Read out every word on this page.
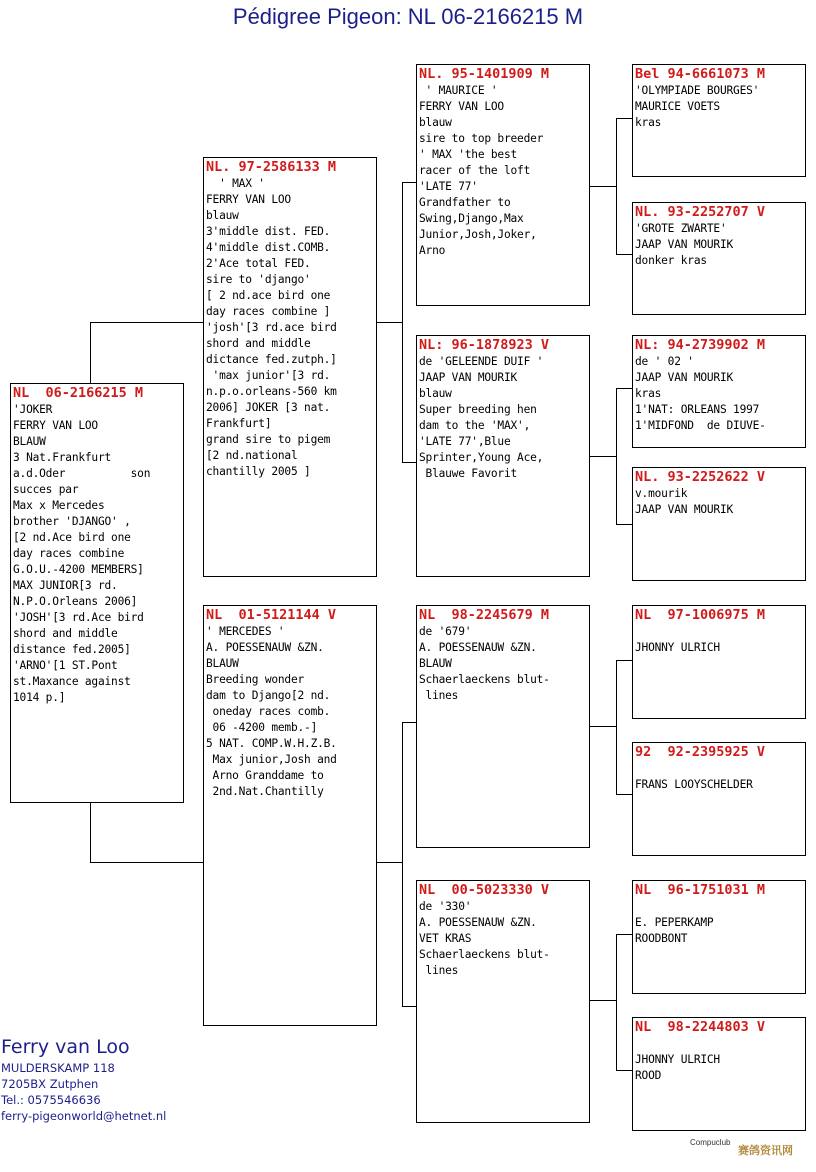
Pédigree Pigeon: NL 06-2166215 M
NL  06-2166215 M
'JOKER
FERRY VAN LOO
BLAUW
3 Nat.Frankfurt
a.d.Oder          son
succes par
Max x Mercedes
brother 'DJANGO' ,
[2 nd.Ace bird one
day races combine
G.O.U.-4200 MEMBERS]
MAX JUNIOR[3 rd.
N.P.O.Orleans 2006]
'JOSH'[3 rd.Ace bird
shord and middle
distance fed.2005]
'ARNO'[1 ST.Pont
st.Maxance against
1014 p.]
NL. 97-2586133 M
' MAX '
FERRY VAN LOO
blauw
3'middle dist. FED.
4'middle dist.COMB.
2'Ace total FED.
sire to 'django'
[ 2 nd.ace bird one
day races combine ]
'josh'[3 rd.ace bird
shord and middle
dictance fed.zutph.]
'max junior'[3 rd.
n.p.o.orleans-560 km
2006] JOKER [3 nat.
Frankfurt]
grand sire to pigem
[2 nd.national
chantilly 2005 ]
NL  01-5121144 V
' MERCEDES '
A. POESSENAUW &ZN.
BLAUW
Breeding wonder
dam to Django[2 nd.
oneday races comb.
06 -4200 memb.-]
5 NAT. COMP.W.H.Z.B.
Max junior,Josh and
Arno Granddame to
2nd.Nat.Chantilly
NL. 95-1401909 M
' MAURICE '
FERRY VAN LOO
blauw
sire to top breeder
' MAX 'the best
racer of the loft
'LATE 77'
Grandfather to
Swing,Django,Max
Junior,Josh,Joker,
Arno
NL: 96-1878923 V
de 'GELEENDE DUIF '
JAAP VAN MOURIK
blauw
Super breeding hen
dam to the 'MAX',
'LATE 77',Blue
Sprinter,Young Ace,
Blauwe Favorit
NL  98-2245679 M
de '679'
A. POESSENAUW &ZN.
BLAUW
Schaerlaeckens blut-
lines
NL  00-5023330 V
de '330'
A. POESSENAUW &ZN.
VET KRAS
Schaerlaeckens blut-
lines
Bel 94-6661073 M
'OLYMPIADE BOURGES'
MAURICE VOETS
kras
NL. 93-2252707 V
'GROTE ZWARTE'
JAAP VAN MOURIK
donker kras
NL: 94-2739902 M
de ' 02 '
JAAP VAN MOURIK
kras
1'NAT: ORLEANS 1997
1'MIDFOND  de DIUVE-
NL. 93-2252622 V
v.mourik
JAAP VAN MOURIK
NL  97-1006975 M

JHONNY ULRICH
92  92-2395925 V

FRANS LOOYSCHELDER
NL  96-1751031 M

E. PEPERKAMP
ROODBONT
NL  98-2244803 V

JHONNY ULRICH
ROOD
Ferry van Loo
MULDERSKAMP 118
7205BX Zutphen
Tel.: 0575546636
ferry-pigeonworld@hetnet.nl
Compuclub
赛鸽资讯网
